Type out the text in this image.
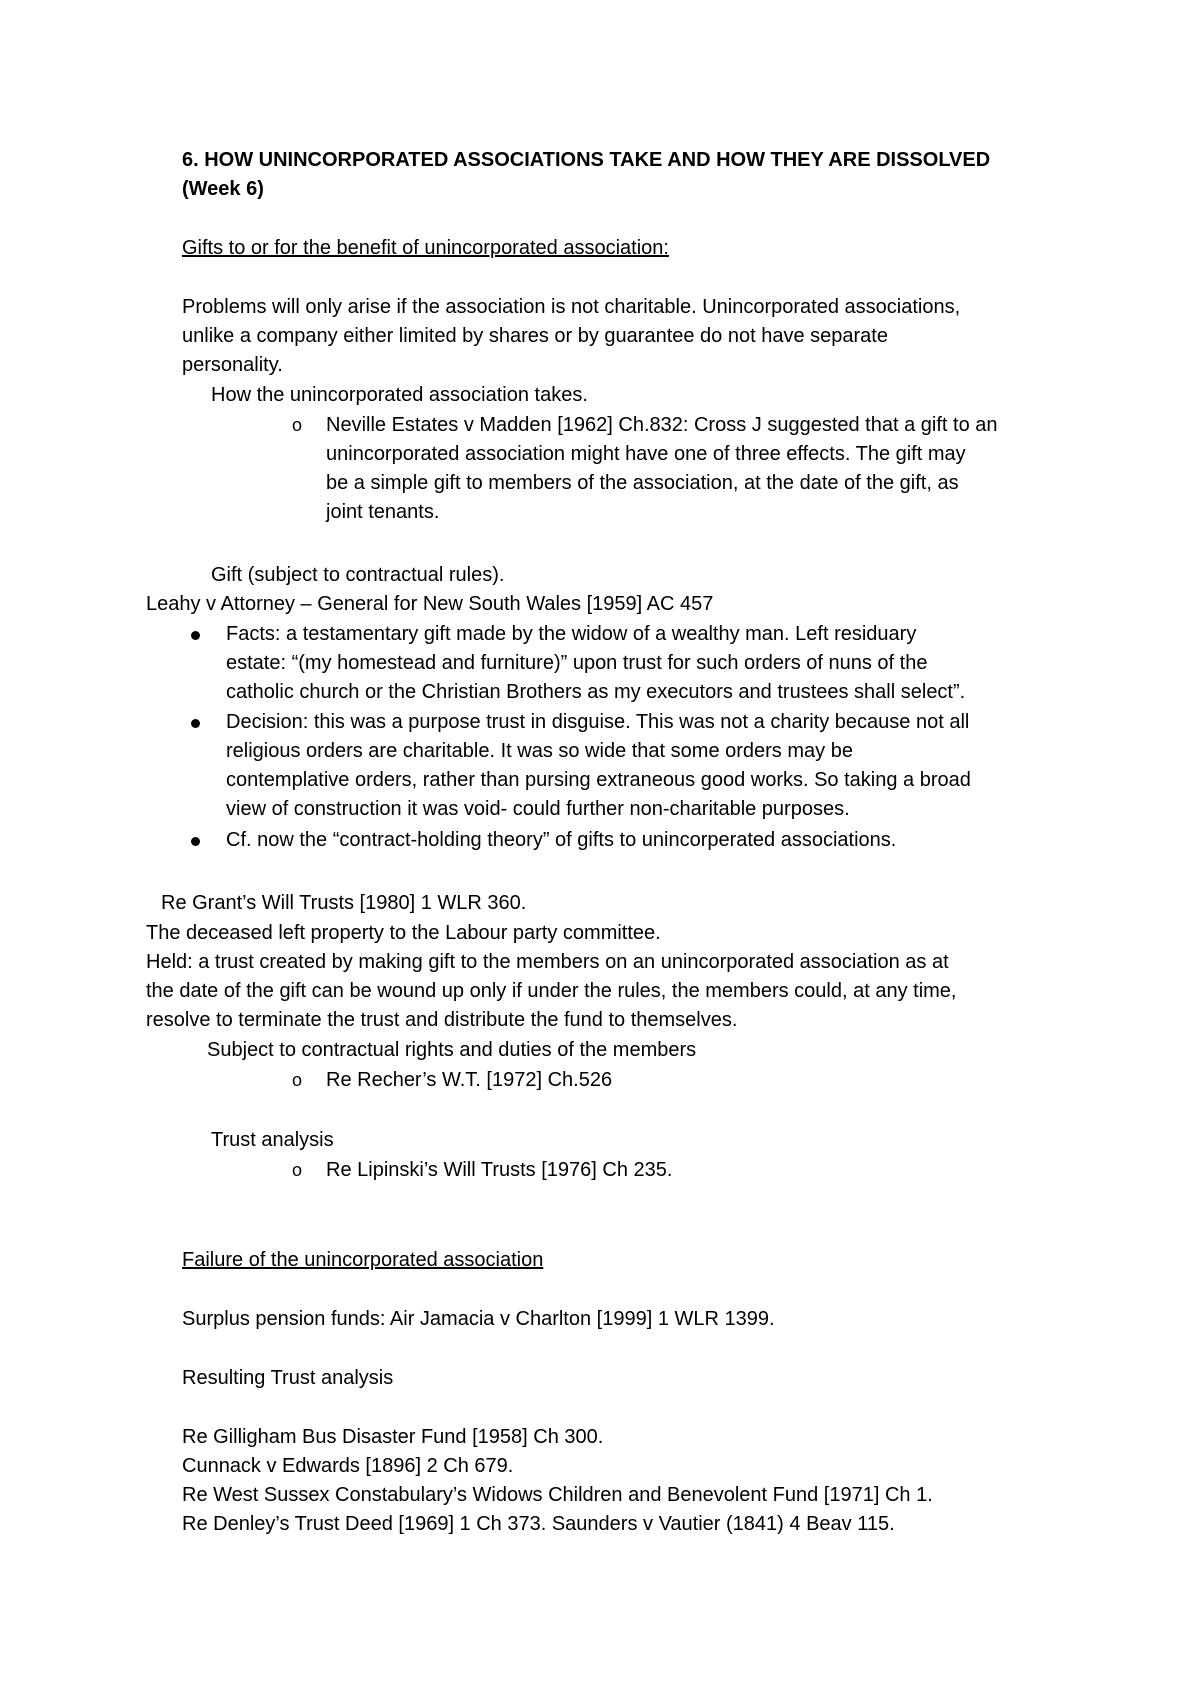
6. HOW UNINCORPORATED ASSOCIATIONS TAKE AND HOW THEY ARE DISSOLVED
(Week 6)
Gifts to or for the benefit of unincorporated association:
Problems will only arise if the association is not charitable. Unincorporated associations,
unlike a company either limited by shares or by guarantee do not have separate
personality.
How the unincorporated association takes.
o Neville Estates v Madden [1962] Ch.832: Cross J suggested that a gift to an
unincorporated association might have one of three effects. The gift may
be a simple gift to members of the association, at the date of the gift, as
joint tenants.
Gift (subject to contractual rules).
Leahy v Attorney – General for New South Wales [1959] AC 457
Facts: a testamentary gift made by the widow of a wealthy man. Left residuary
estate: “(my homestead and furniture)” upon trust for such orders of nuns of the
catholic church or the Christian Brothers as my executors and trustees shall select”.
Decision: this was a purpose trust in disguise. This was not a charity because not all
religious orders are charitable. It was so wide that some orders may be
contemplative orders, rather than pursing extraneous good works. So taking a broad
view of construction it was void- could further non-charitable purposes.
Cf. now the “contract-holding theory” of gifts to unincorperated associations.
Re Grant’s Will Trusts [1980] 1 WLR 360.
The deceased left property to the Labour party committee.
Held: a trust created by making gift to the members on an unincorporated association as at
the date of the gift can be wound up only if under the rules, the members could, at any time,
resolve to terminate the trust and distribute the fund to themselves.
Subject to contractual rights and duties of the members
o Re Recher’s W.T. [1972] Ch.526
Trust analysis
o Re Lipinski’s Will Trusts [1976] Ch 235.
Failure of the unincorporated association
Surplus pension funds: Air Jamacia v Charlton [1999] 1 WLR 1399.
Resulting Trust analysis
Re Gilligham Bus Disaster Fund [1958] Ch 300.
Cunnack v Edwards [1896] 2 Ch 679.
Re West Sussex Constabulary’s Widows Children and Benevolent Fund [1971] Ch 1.
Re Denley’s Trust Deed [1969] 1 Ch 373. Saunders v Vautier (1841) 4 Beav 115.
